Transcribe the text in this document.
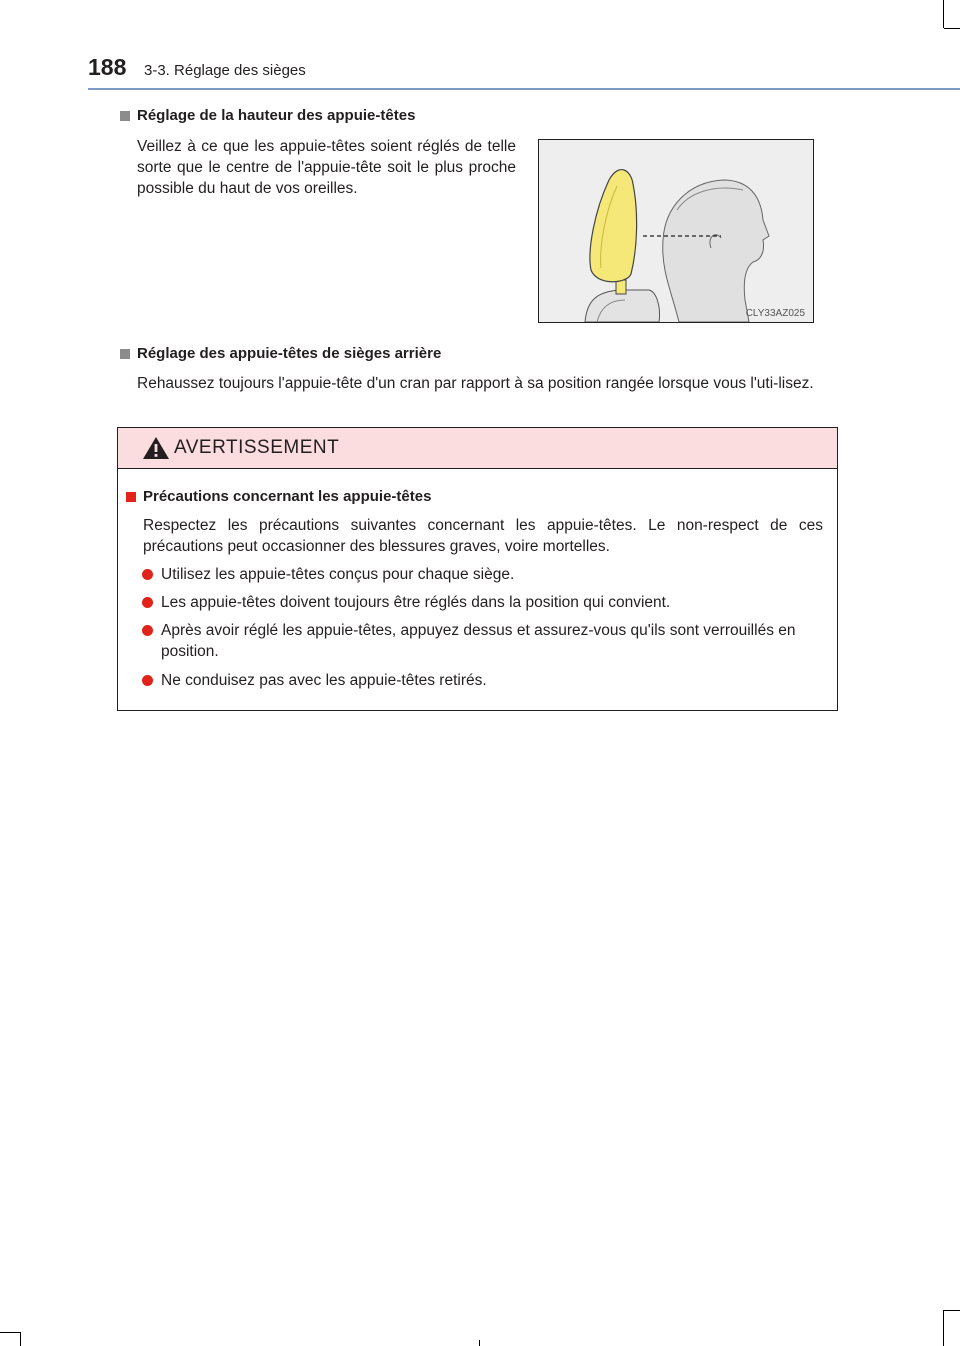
188 3-3. Réglage des sièges
Réglage de la hauteur des appuie-têtes
Veillez à ce que les appuie-têtes soient réglés de telle sorte que le centre de l'appuie-tête soit le plus proche possible du haut de vos oreilles.
CLY33AZ025
Réglage des appuie-têtes de sièges arrière
Rehaussez toujours l'appuie-tête d'un cran par rapport à sa position rangée lorsque vous l'uti-lisez.
AVERTISSEMENT
Précautions concernant les appuie-têtes
Respectez les précautions suivantes concernant les appuie-têtes. Le non-respect de ces précautions peut occasionner des blessures graves, voire mortelles.
Utilisez les appuie-têtes conçus pour chaque siège.
Les appuie-têtes doivent toujours être réglés dans la position qui convient.
Après avoir réglé les appuie-têtes, appuyez dessus et assurez-vous qu'ils sont verrouillés en position.
Ne conduisez pas avec les appuie-têtes retirés.
